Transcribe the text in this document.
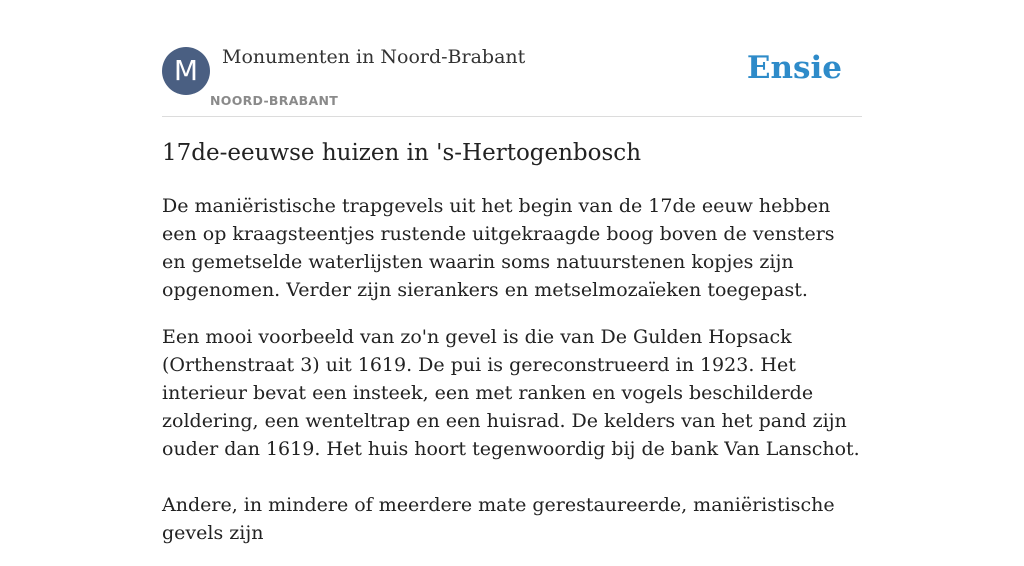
M	Monumenten in Noord-Brabant
NOORD-BRABANT
Ensie
17de-eeuwse huizen in 's-Hertogenbosch

De maniëristische trapgevels uit het begin van de 17de eeuw hebben een op kraagsteentjes rustende uitgekraagde boog boven de vensters en gemetselde waterlijsten waarin soms natuurstenen kopjes zijn opgenomen. Verder zijn sierankers en metselmozaïeken toegepast.

Een mooi voorbeeld van zo'n gevel is die van De Gulden Hopsack (Orthenstraat 3) uit 1619. De pui is gereconstrueerd in 1923. Het interieur bevat een insteek, een met ranken en vogels beschilderde zoldering, een wenteltrap en een huisrad. De kelders van het pand zijn ouder dan 1619. Het huis hoort tegenwoordig bij de bank Van Lanschot.

Andere, in mindere of meerdere mate gerestaureerde, maniëristische gevels zijn
